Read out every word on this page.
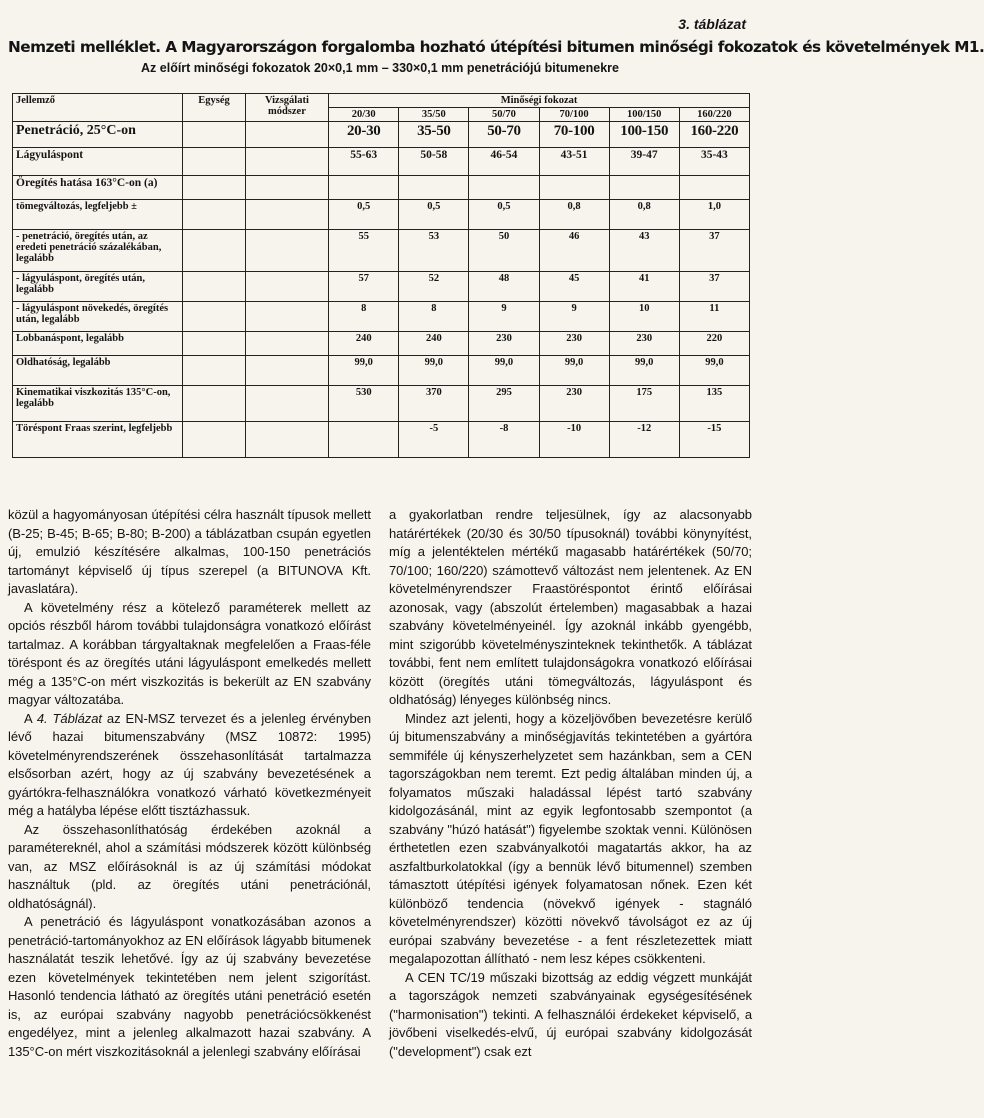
3. táblázat
Nemzeti melléklet. A Magyarországon forgalomba hozható útépítési bitumen minőségi fokozatok és követelmények M1.
Az előírt minőségi fokozatok 20×0,1 mm – 330×0,1 mm penetrációjú bitumenekre
Jellemző	Egység	Vizsgálati módszer	Minőségi fokozat					
			20/30	35/50	50/70	70/100	100/150	160/220
Penetráció, 25°C-on			20-30	35-50	50-70	70-100	100-150	160-220
Lágyuláspont			55-63	50-58	46-54	43-51	39-47	35-43
Öregítés hatása 163°C-on (a)								
tömegváltozás, legfeljebb ±			0,5	0,5	0,5	0,8	0,8	1,0
- penetráció, öregítés után, az eredeti penetráció százalékában, legalább			55	53	50	46	43	37
- lágyuláspont, öregítés után, legalább			57	52	48	45	41	37
- lágyuláspont növekedés, öregítés után, legalább			8	8	9	9	10	11
Lobbanáspont, legalább			240	240	230	230	230	220
Oldhatóság, legalább			99,0	99,0	99,0	99,0	99,0	99,0
Kinematikai viszkozitás 135°C-on, legalább			530	370	295	230	175	135
Töréspont Fraas szerint, legfeljebb				-5	-8	-10	-12	-15

közül a hagyományosan útépítési célra használt típusok mellett (B-25; B-45; B-65; B-80; B-200) a táblázatban csupán egyetlen új, emulzió készítésére alkalmas, 100-150 penetrációs tartományt képviselő új típus szerepel (a BITUNOVA Kft. javaslatára).

A követelmény rész a kötelező paraméterek mellett az opciós részből három további tulajdonságra vonatkozó előírást tartalmaz. A korábban tárgyaltaknak megfelelően a Fraas-féle töréspont és az öregítés utáni lágyuláspont emelkedés mellett még a 135°C-on mért viszkozitás is bekerült az EN szabvány magyar változatába.

A 4. Táblázat az EN-MSZ tervezet és a jelenleg érvényben lévő hazai bitumenszabvány (MSZ 10872: 1995) követelményrendszerének összehasonlítását tartalmazza elsősorban azért, hogy az új szabvány bevezetésének a gyártókra-felhasználókra vonatkozó várható következményeit még a hatályba lépése előtt tisztázhassuk.

Az összehasonlíthatóság érdekében azoknál a paramétereknél, ahol a számítási módszerek között különbség van, az MSZ előírásoknál is az új számítási módokat használtuk (pld. az öregítés utáni penetrációnál, oldhatóságnál).

A penetráció és lágyuláspont vonatkozásában azonos a penetráció-tartományokhoz az EN előírások lágyabb bitumenek használatát teszik lehetővé. Így az új szabvány bevezetése ezen követelmények tekintetében nem jelent szigorítást. Hasonló tendencia látható az öregítés utáni penetráció esetén is, az európai szabvány nagyobb penetrációcsökkenést engedélyez, mint a jelenleg alkalmazott hazai szabvány. A 135°C-on mért viszkozitásoknál a jelenlegi szabvány előírásai

a gyakorlatban rendre teljesülnek, így az alacsonyabb határértékek (20/30 és 30/50 típusoknál) további könynyítést, míg a jelentéktelen mértékű magasabb határértékek (50/70; 70/100; 160/220) számottevő változást nem jelentenek. Az EN követelményrendszer Fraastöréspontot érintő előírásai azonosak, vagy (abszolút értelemben) magasabbak a hazai szabvány követelményeinél. Így azoknál inkább gyengébb, mint szigorúbb követelményszinteknek tekinthetők. A táblázat további, fent nem említett tulajdonságokra vonatkozó előírásai között (öregítés utáni tömegváltozás, lágyuláspont és oldhatóság) lényeges különbség nincs.

Mindez azt jelenti, hogy a közeljövőben bevezetésre kerülő új bitumenszabvány a minőségjavítás tekintetében a gyártóra semmiféle új kényszerhelyzetet sem hazánkban, sem a CEN tagországokban nem teremt. Ezt pedig általában minden új, a folyamatos műszaki haladással lépést tartó szabvány kidolgozásánál, mint az egyik legfontosabb szempontot (a szabvány "húzó hatását") figyelembe szoktak venni. Különösen érthetetlen ezen szabványalkotói magatartás akkor, ha az aszfaltburkolatokkal (így a bennük lévő bitumennel) szemben támasztott útépítési igények folyamatosan nőnek. Ezen két különböző tendencia (növekvő igények - stagnáló követelményrendszer) közötti növekvő távolságot ez az új európai szabvány bevezetése - a fent részletezettek miatt megalapozottan állítható - nem lesz képes csökkenteni.

A CEN TC/19 műszaki bizottság az eddig végzett munkáját a tagországok nemzeti szabványainak egységesítésének ("harmonisation") tekinti. A felhasználói érdekeket képviselő, a jövőbeni viselkedés-elvű, új európai szabvány kidolgozását ("development") csak ezt
